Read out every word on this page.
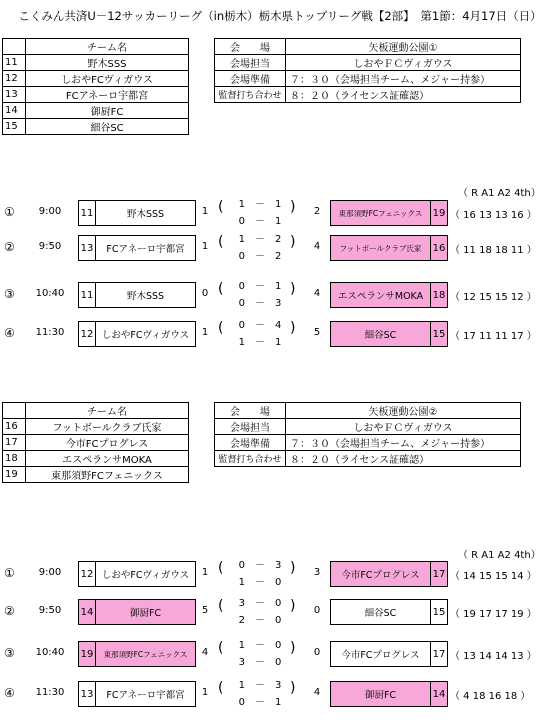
こくみん共済U－12サッカーリーグ（in栃木）栃木県トップリーグ戦【2部】　第1節：4月17日（日）
	チーム名
11	野木SSS
12	しおやFCヴィガウス
13	FCアネーロ宇都宮
14	御厨FC
15	細谷SC
会　　場	矢板運動公園①
会場担当	しおやＦＣヴィガウス
会場準備	７：３０（会場担当チーム、メジャー持参）
監督打ち合わせ	８：２０（ライセンス証確認）
（ R A1 A2 4th）
①	9:00	11	野木SSS	1 (	1　－　1
0　－　1
)	2	東那須野FCフェニックス	19 （ 16 13 13 16 ）
②	9:50	13	FCアネーロ宇都宮	1 (	1　－　2
0　－　2
)	4	フットボールクラブ氏家	16 （ 11 18 18 11 ）
③	10:40	11	野木SSS	0 (	0　－　1
0　－　3
)	4	エスペランサMOKA 18 （ 12 15 15 12 ）
④	11:30	12 しおやFCヴィガウス	1 (	0　－　4
1　－　1
)	5	細谷SC	15 （ 17 11 11 17 ）
	チーム名
16	フットボールクラブ氏家
17	今市FCプログレス
18	エスペランサMOKA
19	東那須野FCフェニックス
会　　場	矢板運動公園②
会場担当	しおやＦＣヴィガウス
会場準備	７：３０（会場担当チーム、メジャー持参）
監督打ち合わせ	８：２０（ライセンス証確認）
（ R A1 A2 4th）
①	9:00	12 しおやFCヴィガウス	1 (	0　－　3
1　－　0
)	3	今市FCプログレス	17 （ 14 15 15 14 ）
②	9:50	14	御厨FC	5 (	3　－　0
2　－　0
)	0	細谷SC	15 （ 19 17 17 19 ）
③	10:40	19	東那須野FCフェニックス	4 (	1　－　0
3　－　0
)	0	今市FCプログレス	17 （ 13 14 14 13 ）
④	11:30	13	FCアネーロ宇都宮	1 (	1　－　3
0　－　1
)	4	御厨FC	14 （ 4 18 16 18 ）
